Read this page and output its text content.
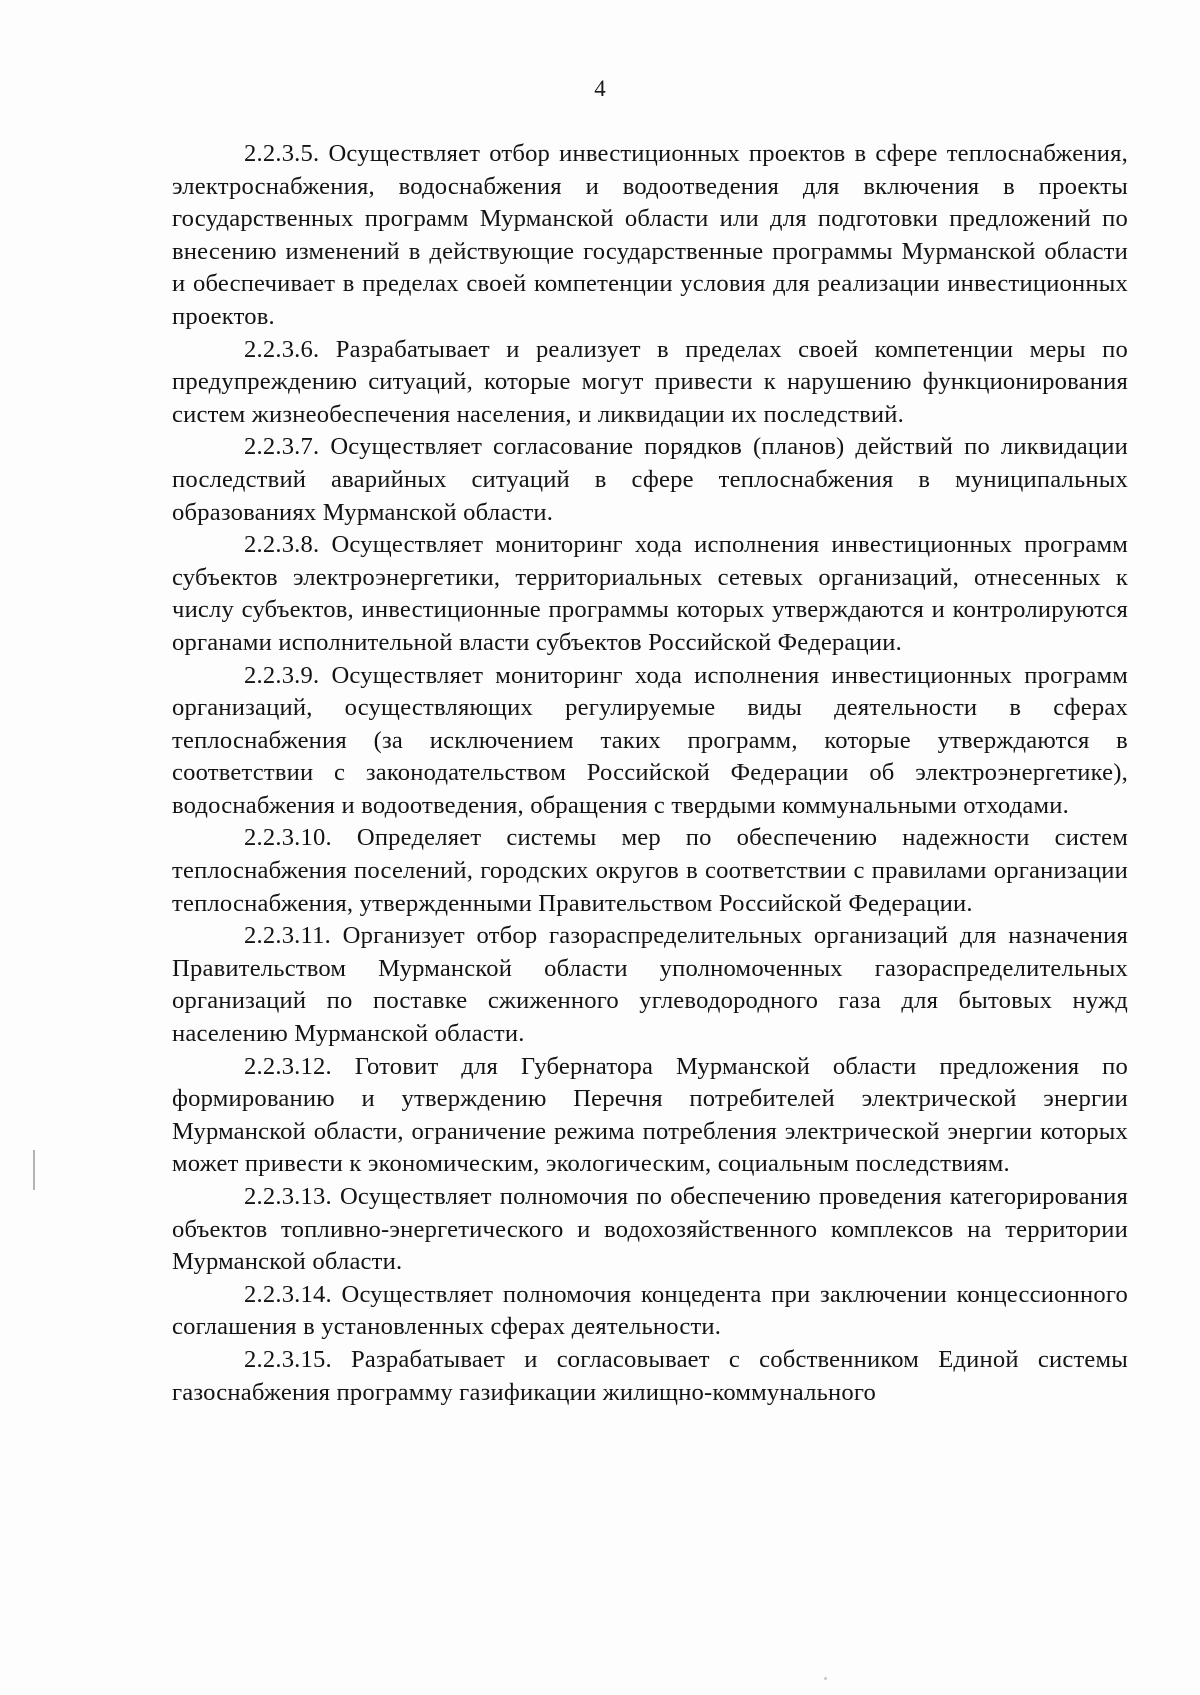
4

2.2.3.5. Осуществляет отбор инвестиционных проектов в сфере теплоснабжения, электроснабжения, водоснабжения и водоотведения для включения в проекты государственных программ Мурманской области или для подготовки предложений по внесению изменений в действующие государственные программы Мурманской области и обеспечивает в пределах своей компетенции условия для реализации инвестиционных проектов.

2.2.3.6. Разрабатывает и реализует в пределах своей компетенции меры по предупреждению ситуаций, которые могут привести к нарушению функционирования систем жизнеобеспечения населения, и ликвидации их последствий.

2.2.3.7. Осуществляет согласование порядков (планов) действий по ликвидации последствий аварийных ситуаций в сфере теплоснабжения в муниципальных образованиях Мурманской области.

2.2.3.8. Осуществляет мониторинг хода исполнения инвестиционных программ субъектов электроэнергетики, территориальных сетевых организаций, отнесенных к числу субъектов, инвестиционные программы которых утверждаются и контролируются органами исполнительной власти субъектов Российской Федерации.

2.2.3.9. Осуществляет мониторинг хода исполнения инвестиционных программ организаций, осуществляющих регулируемые виды деятельности в сферах теплоснабжения (за исключением таких программ, которые утверждаются в соответствии с законодательством Российской Федерации об электроэнергетике), водоснабжения и водоотведения, обращения с твердыми коммунальными отходами.

2.2.3.10. Определяет системы мер по обеспечению надежности систем теплоснабжения поселений, городских округов в соответствии с правилами организации теплоснабжения, утвержденными Правительством Российской Федерации.

2.2.3.11. Организует отбор газораспределительных организаций для назначения Правительством Мурманской области уполномоченных газораспределительных организаций по поставке сжиженного углеводородного газа для бытовых нужд населению Мурманской области.

2.2.3.12. Готовит для Губернатора Мурманской области предложения по формированию и утверждению Перечня потребителей электрической энергии Мурманской области, ограничение режима потребления электрической энергии которых может привести к экономическим, экологическим, социальным последствиям.

2.2.3.13. Осуществляет полномочия по обеспечению проведения категорирования объектов топливно-энергетического и водохозяйственного комплексов на территории Мурманской области.

2.2.3.14. Осуществляет полномочия концедента при заключении концессионного соглашения в установленных сферах деятельности.

2.2.3.15. Разрабатывает и согласовывает с собственником Единой системы газоснабжения программу газификации жилищно-коммунального
